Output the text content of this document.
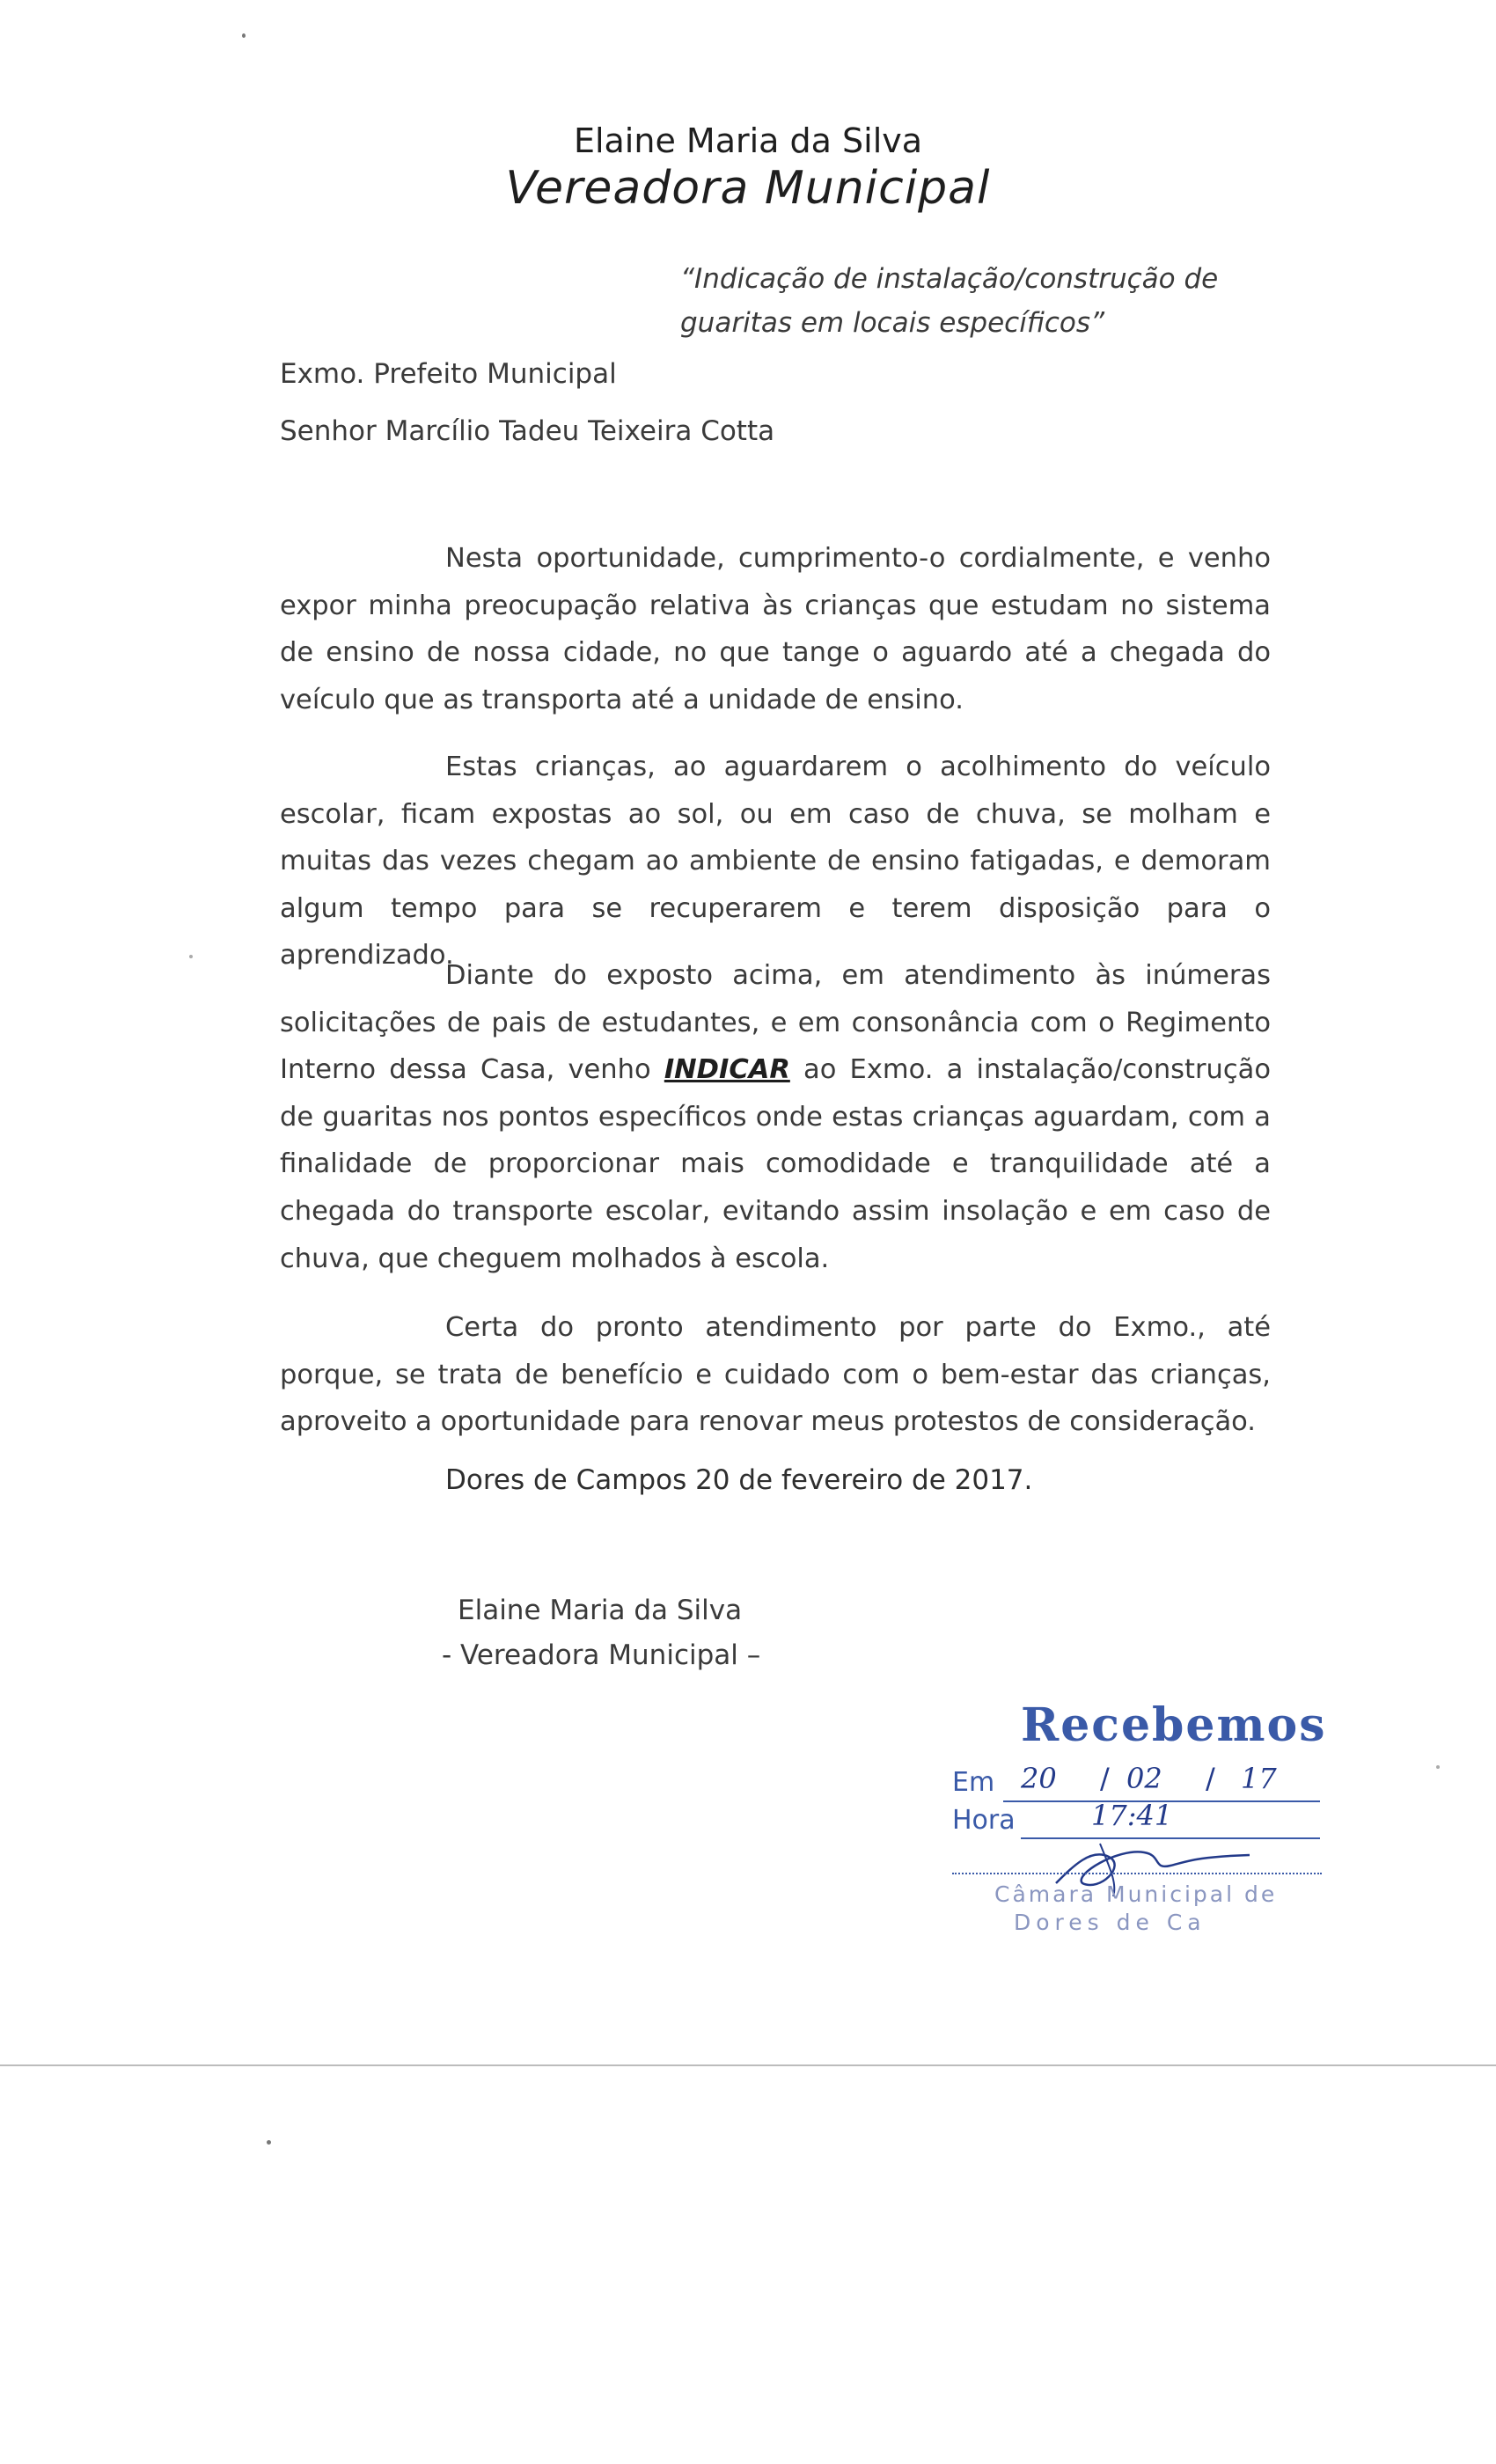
Elaine Maria da Silva
Vereadora Municipal
“Indicação de instalação/construção de guaritas em locais específicos”
Exmo. Prefeito Municipal
Senhor Marcílio Tadeu Teixeira Cotta

Nesta oportunidade, cumprimento-o cordialmente, e venho expor minha preocupação relativa às crianças que estudam no sistema de ensino de nossa cidade, no que tange o aguardo até a chegada do veículo que as transporta até a unidade de ensino.

Estas crianças, ao aguardarem o acolhimento do veículo escolar, ficam expostas ao sol, ou em caso de chuva, se molham e muitas das vezes chegam ao ambiente de ensino fatigadas, e demoram algum tempo para se recuperarem e terem disposição para o aprendizado.

Diante do exposto acima, em atendimento às inúmeras solicitações de pais de estudantes, e em consonância com o Regimento Interno dessa Casa, venho INDICAR ao Exmo. a instalação/construção de guaritas nos pontos específicos onde estas crianças aguardam, com a finalidade de proporcionar mais comodidade e tranquilidade até a chegada do transporte escolar, evitando assim insolação e em caso de chuva, que cheguem molhados à escola.

Certa do pronto atendimento por parte do Exmo., até porque, se trata de benefício e cuidado com o bem-estar das crianças, aproveito a oportunidade para renovar meus protestos de consideração.

Dores de Campos 20 de fevereiro de 2017.
Elaine Maria da Silva
- Vereadora Municipal –
Recebemos
Em 20 / 02 / 17
Hora	17:41
Câmara Municipal de
Dores de Ca
